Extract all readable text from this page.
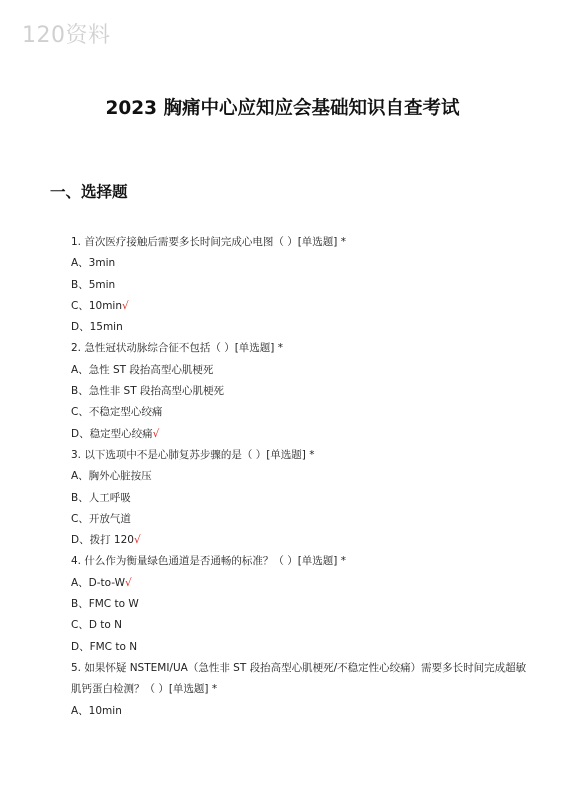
120资料
2023 胸痛中心应知应会基础知识自查考试
一、选择题
1. 首次医疗接触后需要多长时间完成心电图（ ）[单选题] *
A、3min
B、5min
C、10min√
D、15min
2. 急性冠状动脉综合征不包括（ ）[单选题] *
A、急性 ST 段抬高型心肌梗死
B、急性非 ST 段抬高型心肌梗死
C、不稳定型心绞痛
D、稳定型心绞痛√
3. 以下选项中不是心肺复苏步骤的是（ ）[单选题] *
A、胸外心脏按压
B、人工呼吸
C、开放气道
D、拨打 120√
4. 什么作为衡量绿色通道是否通畅的标准？（ ）[单选题] *
A、D-to-W√
B、FMC to W
C、D to N
D、FMC to N
5. 如果怀疑 NSTEMI/UA（急性非 ST 段抬高型心肌梗死/不稳定性心绞痛）需要多长时间完成超敏肌钙蛋白检测？（ ）[单选题] *
A、10min
